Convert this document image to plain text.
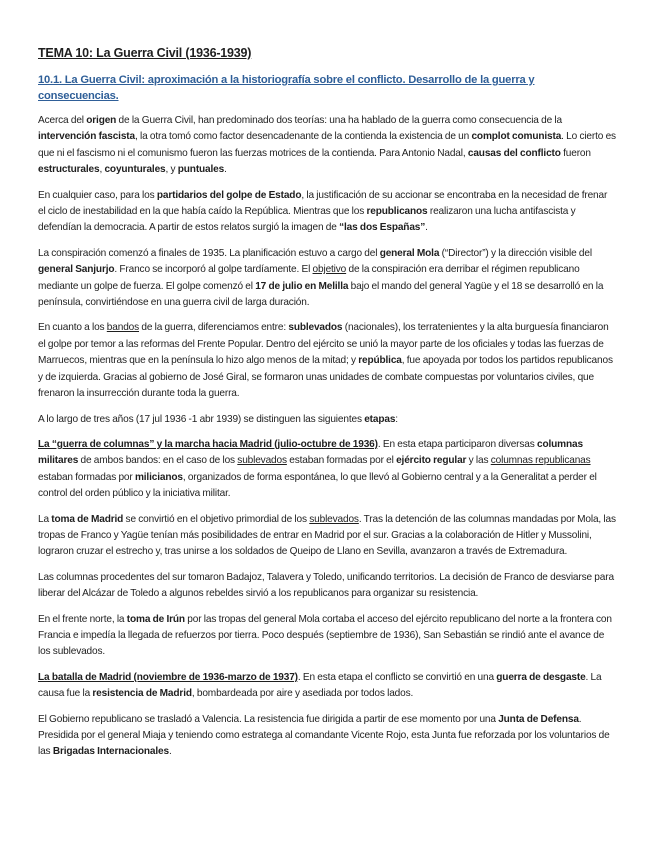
TEMA 10: La Guerra Civil (1936-1939)
10.1. La Guerra Civil: aproximación a la historiografía sobre el conflicto. Desarrollo de la guerra y consecuencias.

Acerca del origen de la Guerra Civil, han predominado dos teorías: una ha hablado de la guerra como consecuencia de la intervención fascista, la otra tomó como factor desencadenante de la contienda la existencia de un complot comunista. Lo cierto es que ni el fascismo ni el comunismo fueron las fuerzas motrices de la contienda. Para Antonio Nadal, causas del conflicto fueron estructurales, coyunturales, y puntuales.

En cualquier caso, para los partidarios del golpe de Estado, la justificación de su accionar se encontraba en la necesidad de frenar el ciclo de inestabilidad en la que había caído la República. Mientras que los republicanos realizaron una lucha antifascista y defendían la democracia. A partir de estos relatos surgió la imagen de “las dos Españas”.

La conspiración comenzó a finales de 1935. La planificación estuvo a cargo del general Mola (“Director”) y la dirección visible del general Sanjurjo. Franco se incorporó al golpe tardíamente. El objetivo de la conspiración era derribar el régimen republicano mediante un golpe de fuerza. El golpe comenzó el 17 de julio en Melilla bajo el mando del general Yagüe y el 18 se desarrolló en la península, convirtiéndose en una guerra civil de larga duración.

En cuanto a los bandos de la guerra, diferenciamos entre: sublevados (nacionales), los terratenientes y la alta burguesía financiaron el golpe por temor a las reformas del Frente Popular. Dentro del ejército se unió la mayor parte de los oficiales y todas las fuerzas de Marruecos, mientras que en la península lo hizo algo menos de la mitad; y república, fue apoyada por todos los partidos republicanos y de izquierda. Gracias al gobierno de José Giral, se formaron unas unidades de combate compuestas por voluntarios civiles, que frenaron la insurrección durante toda la guerra.

A lo largo de tres años (17 jul 1936 -1 abr 1939) se distinguen las siguientes etapas:

La “guerra de columnas” y la marcha hacia Madrid (julio-octubre de 1936). En esta etapa participaron diversas columnas militares de ambos bandos: en el caso de los sublevados estaban formadas por el ejército regular y las columnas republicanas estaban formadas por milicianos, organizados de forma espontánea, lo que llevó al Gobierno central y a la Generalitat a perder el control del orden público y la iniciativa militar.

La toma de Madrid se convirtió en el objetivo primordial de los sublevados. Tras la detención de las columnas mandadas por Mola, las tropas de Franco y Yagüe tenían más posibilidades de entrar en Madrid por el sur. Gracias a la colaboración de Hitler y Mussolini, lograron cruzar el estrecho y, tras unirse a los soldados de Queipo de Llano en Sevilla, avanzaron a través de Extremadura.

Las columnas procedentes del sur tomaron Badajoz, Talavera y Toledo, unificando territorios. La decisión de Franco de desviarse para liberar del Alcázar de Toledo a algunos rebeldes sirvió a los republicanos para organizar su resistencia.

En el frente norte, la toma de Irún por las tropas del general Mola cortaba el acceso del ejército republicano del norte a la frontera con Francia e impedía la llegada de refuerzos por tierra. Poco después (septiembre de 1936), San Sebastián se rindió ante el avance de los sublevados.

La batalla de Madrid (noviembre de 1936-marzo de 1937). En esta etapa el conflicto se convirtió en una guerra de desgaste. La causa fue la resistencia de Madrid, bombardeada por aire y asediada por todos lados.

El Gobierno republicano se trasladó a Valencia. La resistencia fue dirigida a partir de ese momento por una Junta de Defensa. Presidida por el general Miaja y teniendo como estratega al comandante Vicente Rojo, esta Junta fue reforzada por los voluntarios de las Brigadas Internacionales.
